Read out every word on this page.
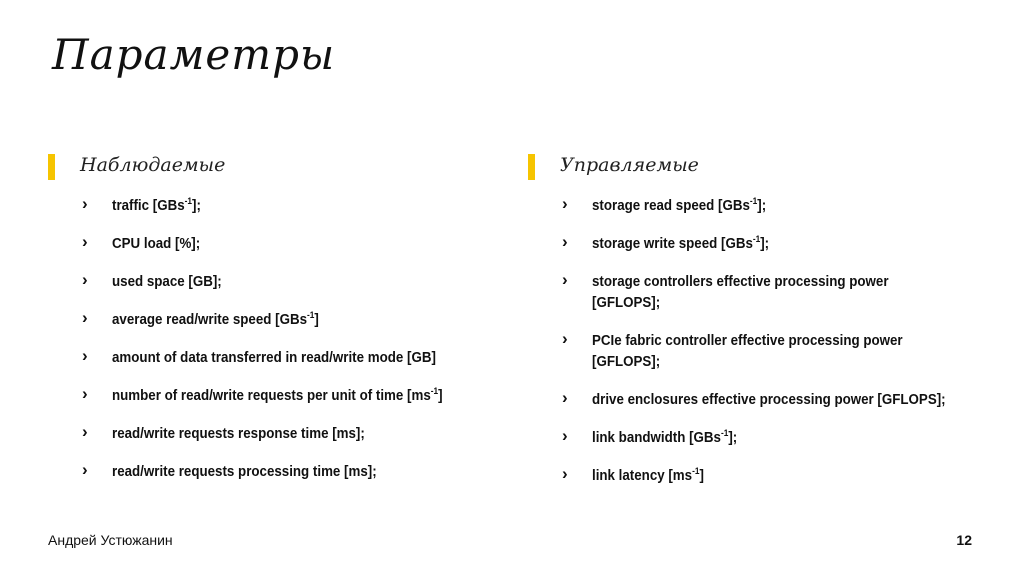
Параметры
Наблюдаемые
› traffic [GBs$^{-1}$];
› CPU load [%];
› used space [GB];
› average read/write speed [GBs$^{-1}$]
› amount of data transferred in read/write mode [GB]
› number of read/write requests per unit of time $[ms^{-1}]$
› read/write requests response time [ms];
› read/write requests processing time [ms];
Управляемые
› storage read speed [GBs$^{-1}$];
› storage write speed [GBs$^{-1}$];
› storage controllers effective processing power [GFLOPS];
› PCIe fabric controller effective processing power [GFLOPS];
› drive enclosures effective processing power [GFLOPS];
› link bandwidth [GBs$^{-1}$];
› link latency $[ms^{-1}]$
Андрей Устюжанин	12
